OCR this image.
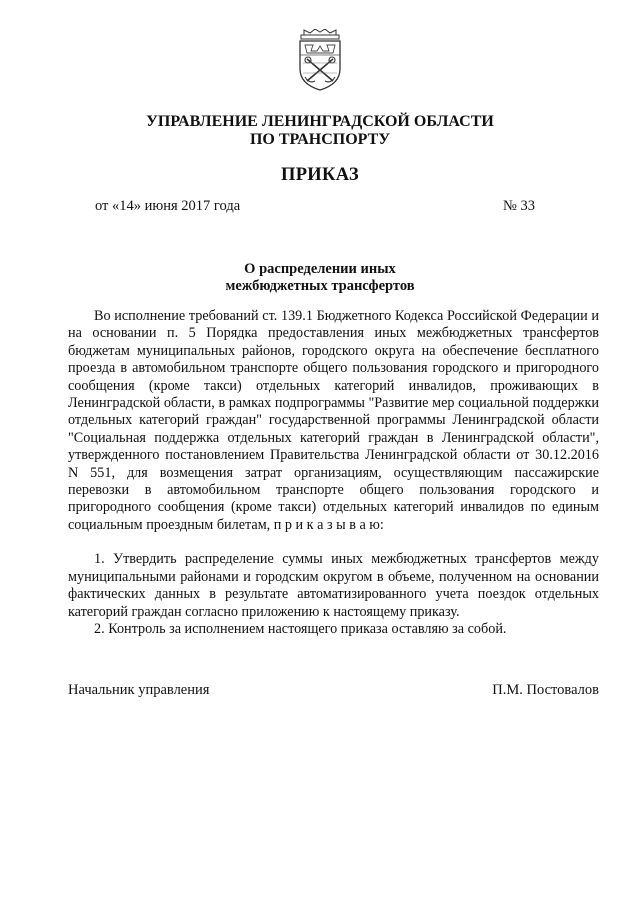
УПРАВЛЕНИЕ ЛЕНИНГРАДСКОЙ ОБЛАСТИ
ПО ТРАНСПОРТУ
ПРИКАЗ
от «14» июня 2017 года	№ 33
О распределении иных
межбюджетных трансфертов

Во исполнение требований ст. 139.1 Бюджетного Кодекса Российской Федерации и на основании п. 5 Порядка предоставления иных межбюджетных трансфертов бюджетам муниципальных районов, городского округа на обеспечение бесплатного проезда в автомобильном транспорте общего пользования городского и пригородного сообщения (кроме такси) отдельных категорий инвалидов, проживающих в Ленинградской области, в рамках подпрограммы "Развитие мер социальной поддержки отдельных категорий граждан" государственной программы Ленинградской области "Социальная поддержка отдельных категорий граждан в Ленинградской области", утвержденного постановлением Правительства Ленинградской области от 30.12.2016 N 551, для возмещения затрат организациям, осуществляющим пассажирские перевозки в автомобильном транспорте общего пользования городского и пригородного сообщения (кроме такси) отдельных категорий инвалидов по единым социальным проездным билетам, п р и к а з ы в а ю:

1. Утвердить распределение суммы иных межбюджетных трансфертов между муниципальными районами и городским округом в объеме, полученном на основании фактических данных в результате автоматизированного учета поездок отдельных категорий граждан согласно приложению к настоящему приказу.

2. Контроль за исполнением настоящего приказа оставляю за собой.

Начальник управления	П.М. Постовалов
